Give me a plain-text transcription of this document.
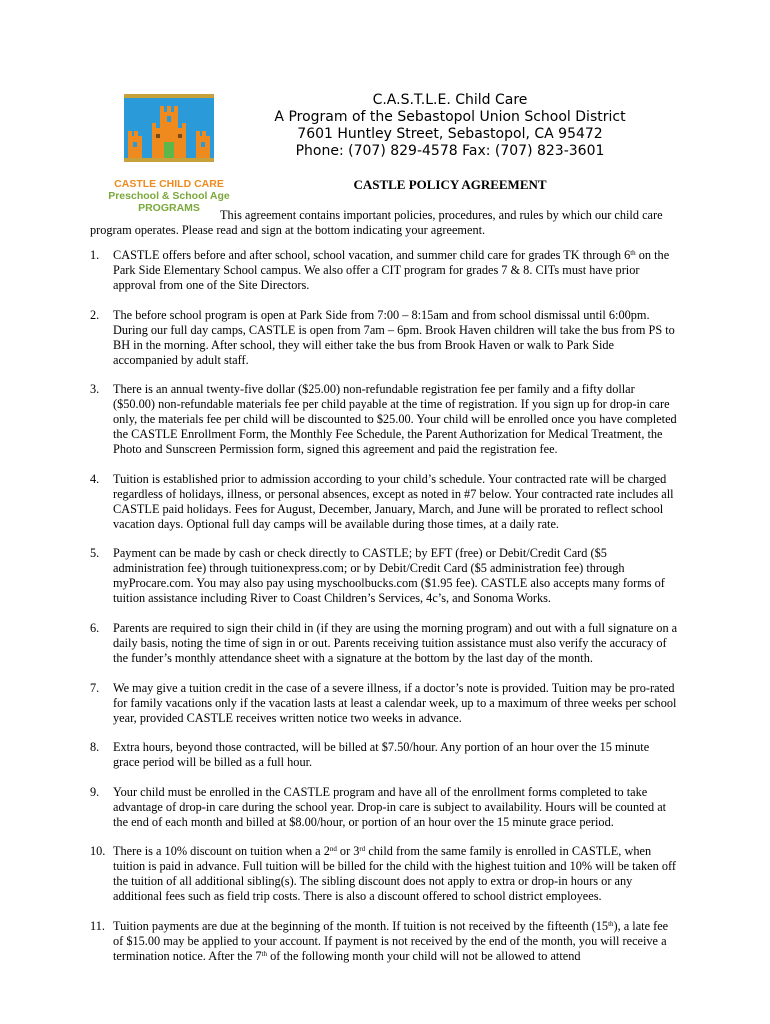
CASTLE CHILD CARE
Preschool & School Age
PROGRAMS
C.A.S.T.L.E. Child Care
A Program of the Sebastopol Union School District
7601 Huntley Street, Sebastopol, CA 95472
Phone: (707) 829-4578 Fax: (707) 823-3601
CASTLE POLICY AGREEMENT

This agreement contains important policies, procedures, and rules by which our child care program operates. Please read and sign at the bottom indicating your agreement.

1. CASTLE offers before and after school, school vacation, and summer child care for grades TK through 6th on the Park Side Elementary School campus. We also offer a CIT program for grades 7 & 8. CITs must have prior approval from one of the Site Directors.
2. The before school program is open at Park Side from 7:00 – 8:15am and from school dismissal until 6:00pm. During our full day camps, CASTLE is open from 7am – 6pm. Brook Haven children will take the bus from PS to BH in the morning. After school, they will either take the bus from Brook Haven or walk to Park Side accompanied by adult staff.
3. There is an annual twenty-five dollar ($25.00) non-refundable registration fee per family and a fifty dollar ($50.00) non-refundable materials fee per child payable at the time of registration. If you sign up for drop-in care only, the materials fee per child will be discounted to $25.00. Your child will be enrolled once you have completed the CASTLE Enrollment Form, the Monthly Fee Schedule, the Parent Authorization for Medical Treatment, the Photo and Sunscreen Permission form, signed this agreement and paid the registration fee.
4. Tuition is established prior to admission according to your child’s schedule. Your contracted rate will be charged regardless of holidays, illness, or personal absences, except as noted in #7 below. Your contracted rate includes all CASTLE paid holidays. Fees for August, December, January, March, and June will be prorated to reflect school vacation days. Optional full day camps will be available during those times, at a daily rate.
5. Payment can be made by cash or check directly to CASTLE; by EFT (free) or Debit/Credit Card ($5 administration fee) through tuitionexpress.com; or by Debit/Credit Card ($5 administration fee) through myProcare.com. You may also pay using myschoolbucks.com ($1.95 fee). CASTLE also accepts many forms of tuition assistance including River to Coast Children’s Services, 4c’s, and Sonoma Works.
6. Parents are required to sign their child in (if they are using the morning program) and out with a full signature on a daily basis, noting the time of sign in or out. Parents receiving tuition assistance must also verify the accuracy of the funder’s monthly attendance sheet with a signature at the bottom by the last day of the month.
7. We may give a tuition credit in the case of a severe illness, if a doctor’s note is provided. Tuition may be pro-rated for family vacations only if the vacation lasts at least a calendar week, up to a maximum of three weeks per school year, provided CASTLE receives written notice two weeks in advance.
8. Extra hours, beyond those contracted, will be billed at $7.50/hour. Any portion of an hour over the 15 minute grace period will be billed as a full hour.
9. Your child must be enrolled in the CASTLE program and have all of the enrollment forms completed to take advantage of drop-in care during the school year. Drop-in care is subject to availability. Hours will be counted at the end of each month and billed at $8.00/hour, or portion of an hour over the 15 minute grace period.
10. There is a 10% discount on tuition when a 2nd or 3rd child from the same family is enrolled in CASTLE, when tuition is paid in advance. Full tuition will be billed for the child with the highest tuition and 10% will be taken off the tuition of all additional sibling(s). The sibling discount does not apply to extra or drop-in hours or any additional fees such as field trip costs. There is also a discount offered to school district employees.
11. Tuition payments are due at the beginning of the month. If tuition is not received by the fifteenth (15th), a late fee of $15.00 may be applied to your account. If payment is not received by the end of the month, you will receive a termination notice. After the 7th of the following month your child will not be allowed to attend
